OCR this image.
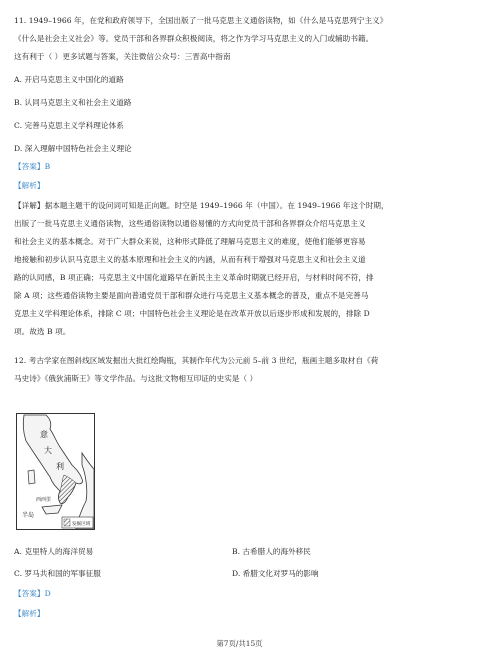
11. 1949–1966 年，在党和政府领导下，全国出版了一批马克思主义通俗读物，如《什么是马克思列宁主义》
《什么是社会主义社会》等。党员干部和各界群众积极阅读，将之作为学习马克思主义的入门或辅助书籍。
这有利于（ ）更多试题与答案，关注微信公众号：三晋高中指南
A. 开启马克思主义中国化的道路
B. 认同马克思主义和社会主义道路
C. 完善马克思主义学科理论体系
D. 深入理解中国特色社会主义理论
【答案】B
【解析】
【详解】据本题主题干的设问词可知是正向题。时空是 1949–1966 年（中国）。在 1949–1966 年这个时期，
出版了一批马克思主义通俗读物，这些通俗读物以通俗易懂的方式向党员干部和各界群众介绍马克思主义
和社会主义的基本概念。对于广大群众来说，这种形式降低了理解马克思主义的难度，使他们能够更容易
地接触和初步认识马克思主义的基本原理和社会主义的内涵，从而有利于增强对马克思主义和社会主义道
路的认同感，B 项正确；马克思主义中国化道路早在新民主主义革命时期就已经开启，与材料时间不符，排
除 A 项；这些通俗读物主要是面向普通党员干部和群众进行马克思主义基本概念的普及，重点不是完善马
克思主义学科理论体系，排除 C 项；中国特色社会主义理论是在改革开放以后逐步形成和发展的，排除 D
项。故选 B 项。
12. 考古学家在图斜线区域发掘出大批红绘陶瓶，其制作年代为公元前 5–前 3 世纪，瓶画主题多取材自《荷
马史诗》《俄狄浦斯王》等文学作品。与这批文物相互印证的史实是（ ）
意
大
利
西西里
半岛
发掘区域
A. 克里特人的海洋贸易	B. 古希腊人的海外移民
C. 罗马共和国的军事征服	D. 希腊文化对罗马的影响
【答案】D
【解析】
第7页/共15页
